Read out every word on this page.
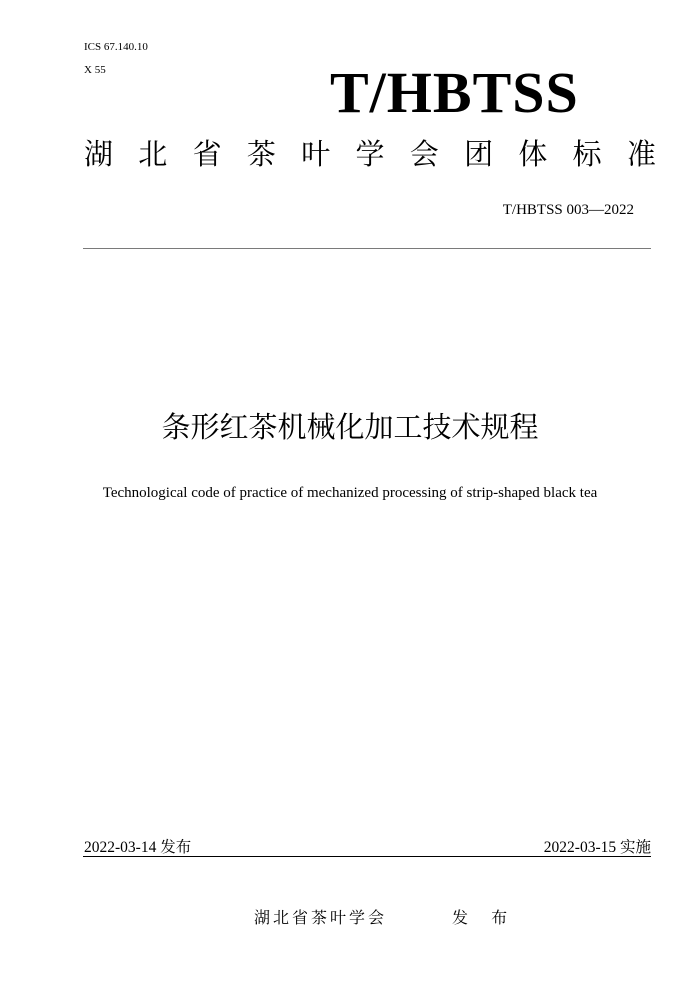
ICS 67.140.10
X 55	T/HBTSS
湖 北 省 茶 叶 学 会 团 体 标 准
T/HBTSS 003—2022
条形红茶机械化加工技术规程
Technological code of practice of mechanized processing of strip-shaped black tea
2022-03-14 发布	2022-03-15 实施
湖北省茶叶学会	发 布
